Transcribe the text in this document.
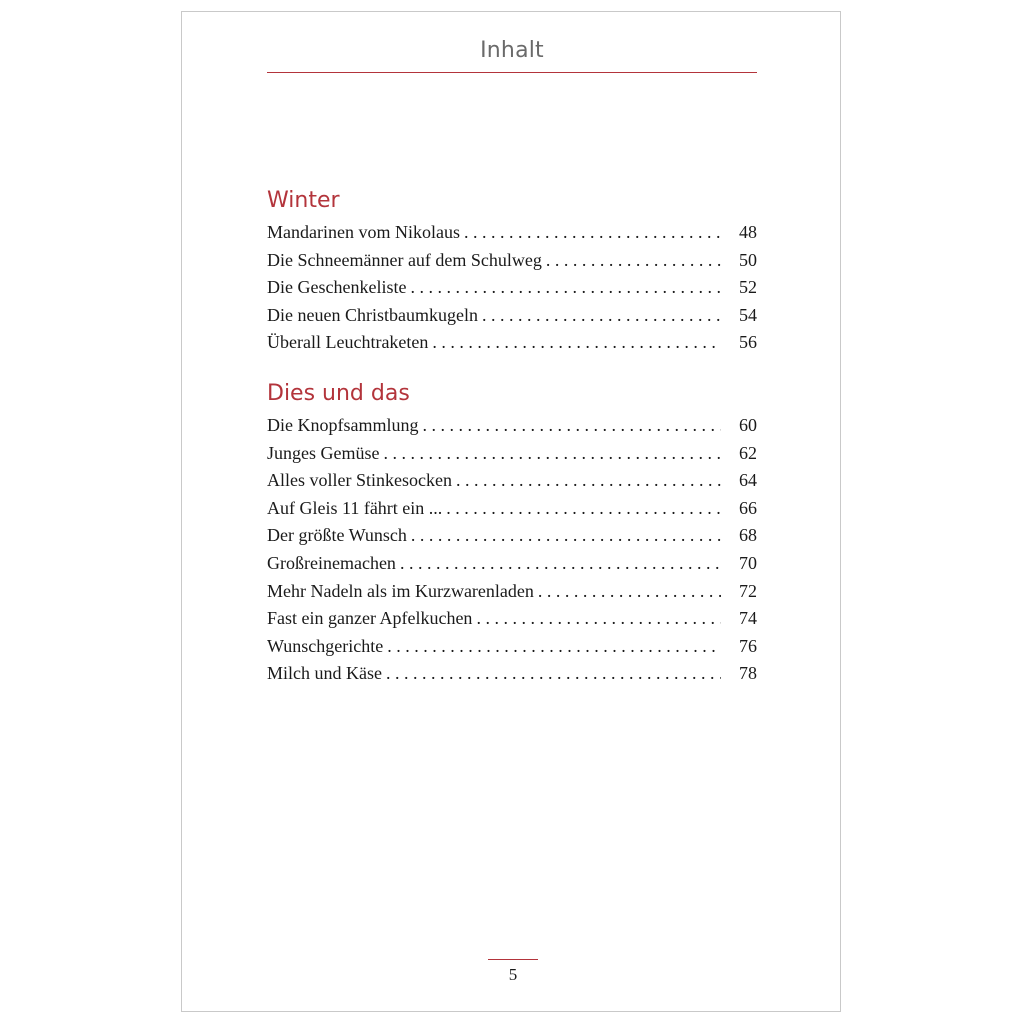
Inhalt
Winter
Mandarinen vom Nikolaus . . .	48
Die Schneemänner auf dem Schulweg . . .	50
Die Geschenkeliste . . .	52
Die neuen Christbaumkugeln . . .	54
Überall Leuchtraketen . . .	56
Dies und das
Die Knopfsammlung . . .	60
Junges Gemüse . . .	62
Alles voller Stinkesocken . . .	64
Auf Gleis 11 fährt ein ... . . .	66
Der größte Wunsch . . .	68
Großreinemachen . . .	70
Mehr Nadeln als im Kurzwarenladen . . .	72
Fast ein ganzer Apfelkuchen . . .	74
Wunschgerichte . . .	76
Milch und Käse . . .	78
5
